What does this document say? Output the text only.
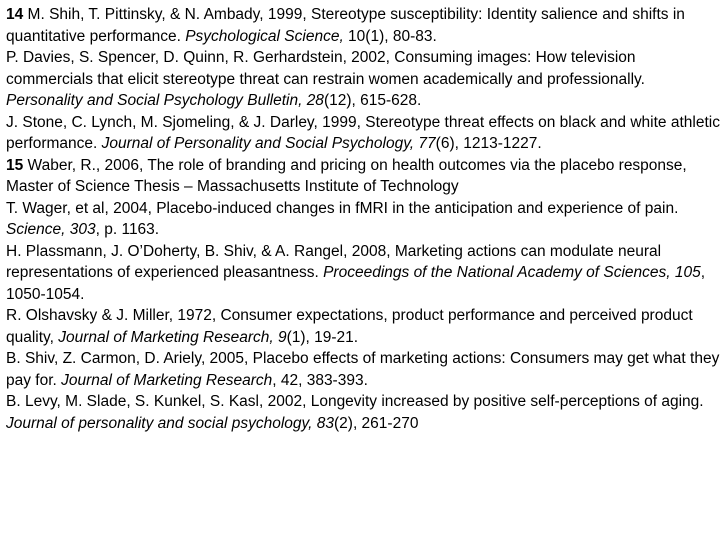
14 M. Shih, T. Pittinsky, & N. Ambady, 1999, Stereotype susceptibility: Identity salience and shifts in quantitative performance. Psychological Science, 10(1), 80-83.

P. Davies, S. Spencer, D. Quinn, R. Gerhardstein, 2002, Consuming images: How television commercials that elicit stereotype threat can restrain women academically and professionally. Personality and Social Psychology Bulletin, 28(12), 615-628.

J. Stone, C. Lynch, M. Sjomeling, & J. Darley, 1999, Stereotype threat effects on black and white athletic performance. Journal of Personality and Social Psychology, 77(6), 1213-1227.

15 Waber, R., 2006, The role of branding and pricing on health outcomes via the placebo response, Master of Science Thesis – Massachusetts Institute of Technology

T. Wager, et al, 2004, Placebo-induced changes in fMRI in the anticipation and experience of pain. Science, 303, p. 1163.

H. Plassmann, J. O’Doherty, B. Shiv, & A. Rangel, 2008, Marketing actions can modulate neural representations of experienced pleasantness. Proceedings of the National Academy of Sciences, 105, 1050-1054.

R. Olshavsky & J. Miller, 1972, Consumer expectations, product performance and perceived product quality, Journal of Marketing Research, 9(1), 19-21.

B. Shiv, Z. Carmon, D. Ariely, 2005, Placebo effects of marketing actions: Consumers may get what they pay for. Journal of Marketing Research, 42, 383-393.

B. Levy, M. Slade, S. Kunkel, S. Kasl, 2002, Longevity increased by positive self-perceptions of aging. Journal of personality and social psychology, 83(2), 261-270
